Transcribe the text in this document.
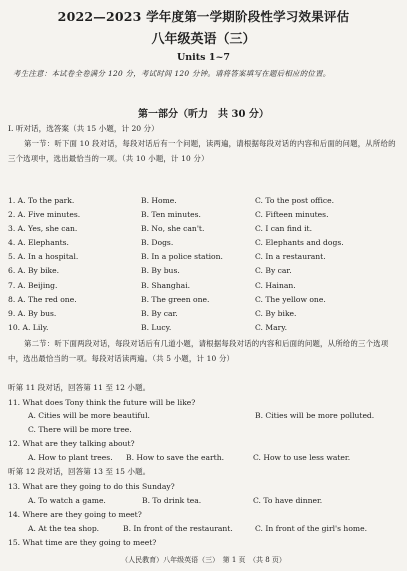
2022—2023 学年度第一学期阶段性学习效果评估
八年级英语（三）
Units 1~7
考生注意：本试卷全卷满分 120 分，考试时间 120 分钟。请将答案填写在题后相应的位置。
第一部分（听力　共 30 分）
I. 听对话，选答案（共 15 小题，计 20 分）
第一节：听下面 10 段对话，每段对话后有一个问题，读两遍，请根据每段对话的内容和后面的问题，从所给的三个选项中，选出最恰当的一项。（共 10 小题，计 10 分）
1. A. To the park.	B. Home.	C. To the post office.
2. A. Five minutes.	B. Ten minutes.	C. Fifteen minutes.
3. A. Yes, she can.	B. No, she can't.	C. I can find it.
4. A. Elephants.	B. Dogs.	C. Elephants and dogs.
5. A. In a hospital.	B. In a police station.	C. In a restaurant.
6. A. By bike.	B. By bus.	C. By car.
7. A. Beijing.	B. Shanghai.	C. Hainan.
8. A. The red one.	B. The green one.	C. The yellow one.
9. A. By bus.	B. By car.	C. By bike.
10. A. Lily.	B. Lucy.	C. Mary.
第二节：听下面两段对话，每段对话后有几道小题，请根据每段对话的内容和后面的问题，从所给的三个选项中，选出最恰当的一项。每段对话读两遍。（共 5 小题，计 10 分）
听第 11 段对话，回答第 11 至 12 小题。
11. What does Tony think the future will be like?
A. Cities will be more beautiful.	B. Cities will be more polluted.
C. There will be more tree.
12. What are they talking about?
A. How to plant trees. B. How to save the earth.	C. How to use less water.
听第 12 段对话，回答第 13 至 15 小题。
13. What are they going to do this Sunday?
A. To watch a game.	B. To drink tea.	C. To have dinner.
14. Where are they going to meet?
A. At the tea shop.	B. In front of the restaurant.	C. In front of the girl's home.
15. What time are they going to meet?
（人民教育）八年级英语（三）　第 1 页　（共 8 页）
